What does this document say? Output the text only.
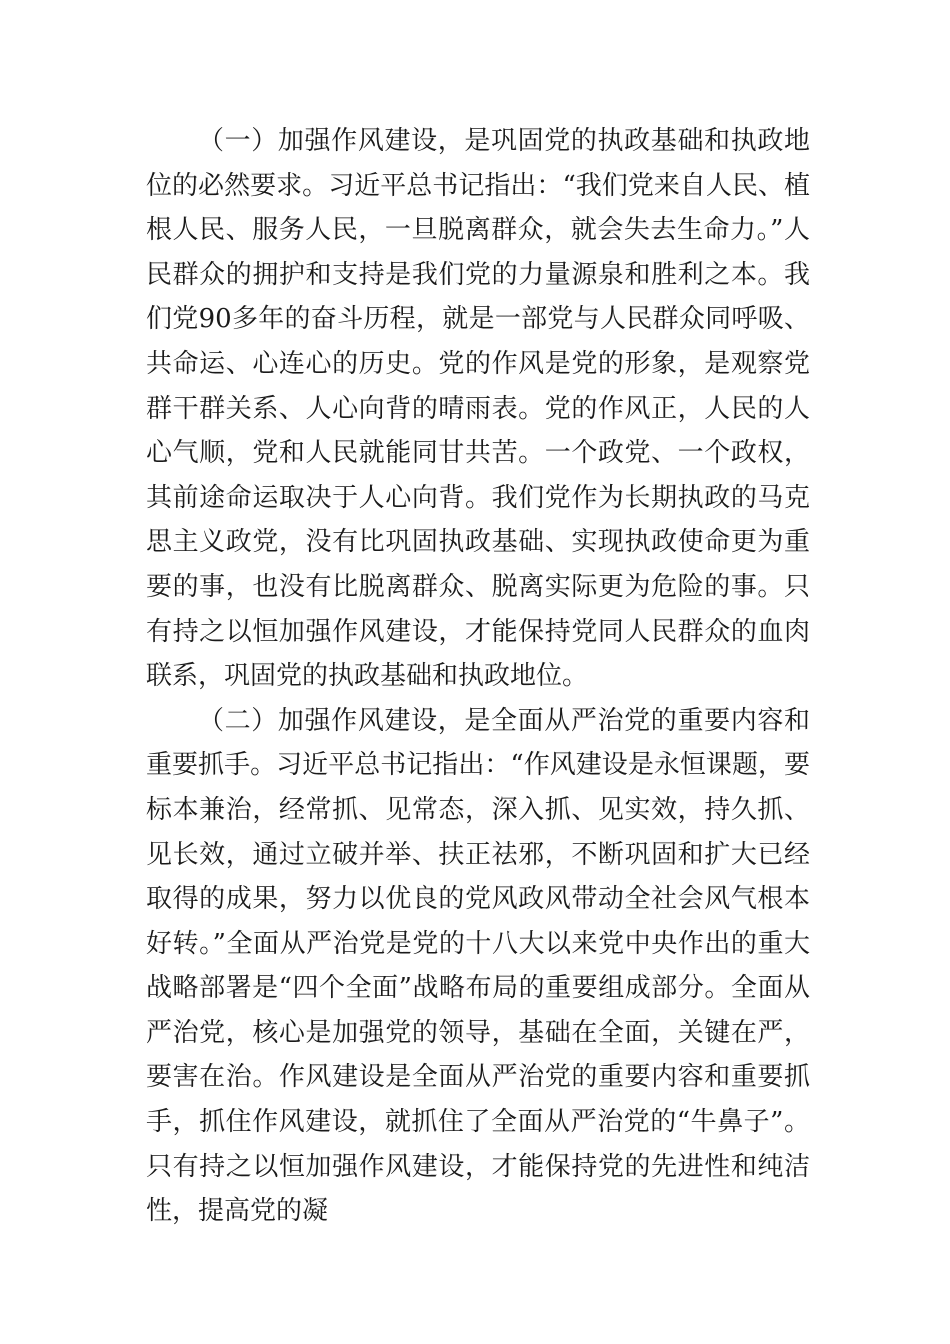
（一）加强作风建设，是巩固党的执政基础和执政地位的必然要求。习近平总书记指出：“我们党来自人民、植根人民、服务人民，一旦脱离群众，就会失去生命力。”人民群众的拥护和支持是我们党的力量源泉和胜利之本。我们党90多年的奋斗历程，就是一部党与人民群众同呼吸、共命运、心连心的历史。党的作风是党的形象，是观察党群干群关系、人心向背的晴雨表。党的作风正，人民的人心气顺，党和人民就能同甘共苦。一个政党、一个政权，其前途命运取决于人心向背。我们党作为长期执政的马克思主义政党，没有比巩固执政基础、实现执政使命更为重要的事，也没有比脱离群众、脱离实际更为危险的事。只有持之以恒加强作风建设，才能保持党同人民群众的血肉联系，巩固党的执政基础和执政地位。

（二）加强作风建设，是全面从严治党的重要内容和重要抓手。习近平总书记指出：“作风建设是永恒课题，要标本兼治，经常抓、见常态，深入抓、见实效，持久抓、见长效，通过立破并举、扶正祛邪，不断巩固和扩大已经取得的成果，努力以优良的党风政风带动全社会风气根本好转。”全面从严治党是党的十八大以来党中央作出的重大战略部署是“四个全面”战略布局的重要组成部分。全面从严治党，核心是加强党的领导，基础在全面，关键在严，要害在治。作风建设是全面从严治党的重要内容和重要抓手，抓住作风建设，就抓住了全面从严治党的“牛鼻子”。只有持之以恒加强作风建设，才能保持党的先进性和纯洁性，提高党的凝
